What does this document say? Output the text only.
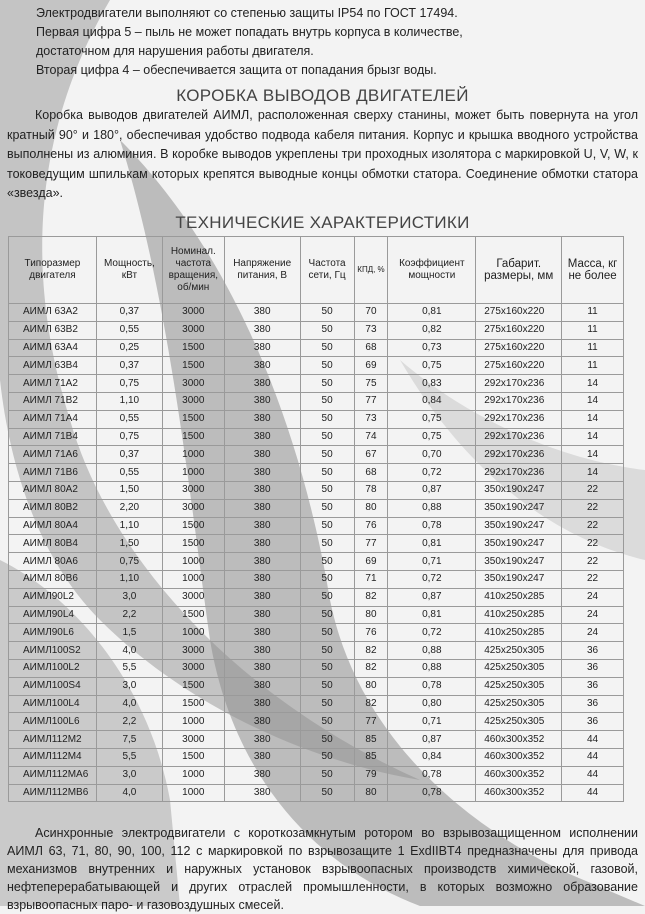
Электродвигатели выполняют со степенью защиты IP54 по ГОСТ 17494.

Первая цифра 5 – пыль не может попадать внутрь корпуса в количестве,

достаточном для нарушения работы двигателя.

Вторая цифра 4 – обеспечивается защита от попадания брызг воды.

КОРОБКА ВЫВОДОВ ДВИГАТЕЛЕЙ
Коробка выводов двигателей АИМЛ, расположенная сверху станины, может быть повернута на угол кратный 90° и 180°, обеспечивая удобство подвода кабеля питания. Корпус и крышка вводного устройства выполнены из алюминия. В коробке выводов укреплены три проходных изолятора с маркировкой U, V, W, к токоведущим шпилькам которых крепятся выводные концы обмотки статора. Соединение обмотки статора «звезда».
ТЕХНИЧЕСКИЕ ХАРАКТЕРИСТИКИ
Типоразмер двигателя	Мощность, кВт	Номинал. частота вращения, об/мин	Напряжение питания, В	Частота сети, Гц	КПД, %	Коэффициент мощности	Габарит. размеры, мм	Масса, кг не более
АИМЛ 63А2	0,37	3000	380	50	70	0,81	275x160x220	11
АИМЛ 63В2	0,55	3000	380	50	73	0,82	275x160x220	11
АИМЛ 63А4	0,25	1500	380	50	68	0,73	275x160x220	11
АИМЛ 63В4	0,37	1500	380	50	69	0,75	275x160x220	11
АИМЛ 71А2	0,75	3000	380	50	75	0,83	292x170x236	14
АИМЛ 71В2	1,10	3000	380	50	77	0,84	292x170x236	14
АИМЛ 71А4	0,55	1500	380	50	73	0,75	292x170x236	14
АИМЛ 71В4	0,75	1500	380	50	74	0,75	292x170x236	14
АИМЛ 71А6	0,37	1000	380	50	67	0,70	292x170x236	14
АИМЛ 71В6	0,55	1000	380	50	68	0,72	292x170x236	14
АИМЛ 80А2	1,50	3000	380	50	78	0,87	350x190x247	22
АИМЛ 80В2	2,20	3000	380	50	80	0,88	350x190x247	22
АИМЛ 80А4	1,10	1500	380	50	76	0,78	350x190x247	22
АИМЛ 80В4	1,50	1500	380	50	77	0,81	350x190x247	22
АИМЛ 80А6	0,75	1000	380	50	69	0,71	350x190x247	22
АИМЛ 80В6	1,10	1000	380	50	71	0,72	350x190x247	22
АИМЛ90L2	3,0	3000	380	50	82	0,87	410x250x285	24
АИМЛ90L4	2,2	1500	380	50	80	0,81	410x250x285	24
АИМЛ90L6	1,5	1000	380	50	76	0,72	410x250x285	24
АИМЛ100S2	4,0	3000	380	50	82	0,88	425x250x305	36
АИМЛ100L2	5,5	3000	380	50	82	0,88	425x250x305	36
АИМЛ100S4	3,0	1500	380	50	80	0,78	425x250x305	36
АИМЛ100L4	4,0	1500	380	50	82	0,80	425x250x305	36
АИМЛ100L6	2,2	1000	380	50	77	0,71	425x250x305	36
АИМЛ112М2	7,5	3000	380	50	85	0,87	460x300x352	44
АИМЛ112М4	5,5	1500	380	50	85	0,84	460x300x352	44
АИМЛ112МА6	3,0	1000	380	50	79	0,78	460x300x352	44
АИМЛ112МВ6	4,0	1000	380	50	80	0,78	460x300x352	44
Асинхронные электродвигатели с короткозамкнутым ротором во взрывозащищенном исполнении АИМЛ 63, 71, 80, 90, 100, 112 с маркировкой по взрывозащите 1 ExdIIBT4 предназначены для привода механизмов внутренних и наружных установок взрывоопасных производств химической, газовой, нефтеперерабатывающей и других отраслей промышленности, в которых возможно образование взрывоопасных паро- и газовоздушных смесей.
